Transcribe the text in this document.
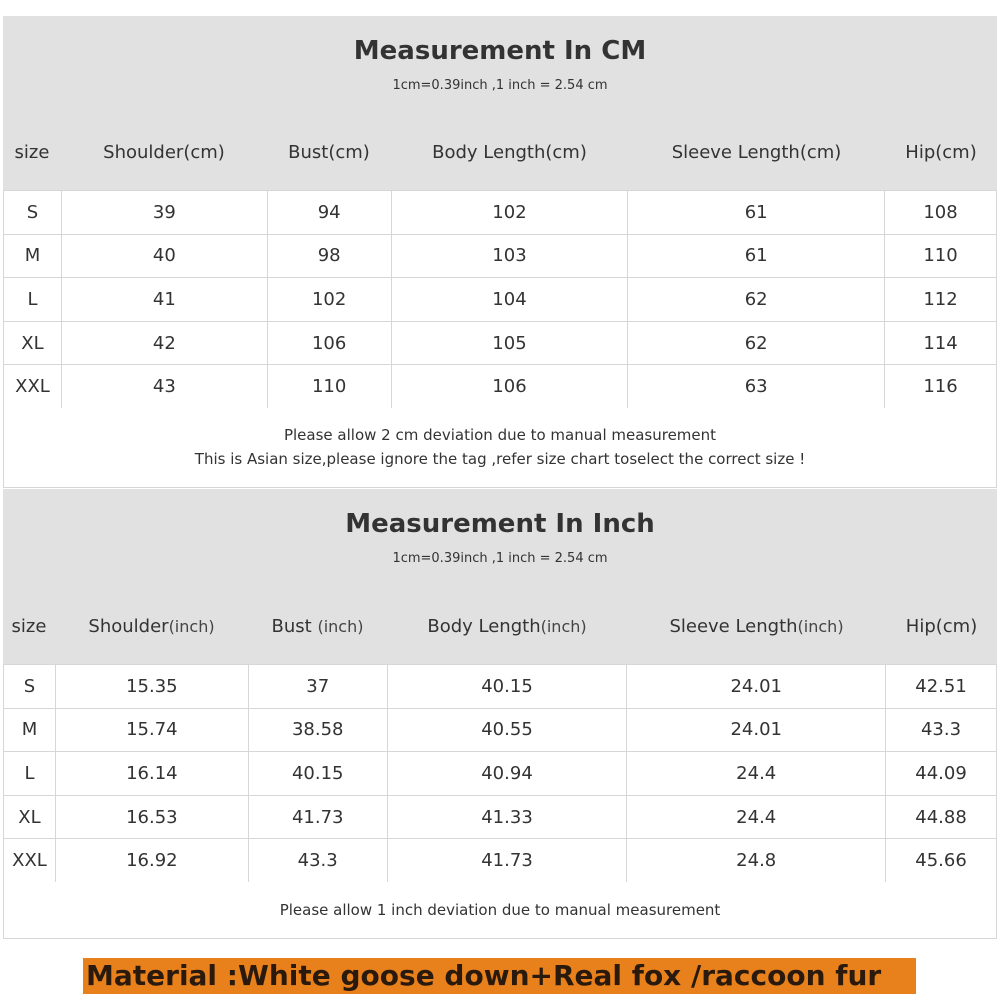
Measurement In CM
1cm=0.39inch ,1 inch = 2.54 cm
size	Shoulder(cm)	Bust(cm)	Body Length(cm)	Sleeve Length(cm)	Hip(cm)
S	39	94	102	61	108
M	40	98	103	61	110
L	41	102	104	62	112
XL	42	106	105	62	114
XXL	43	110	106	63	116
Please allow 2 cm deviation due to manual measurement
This is Asian size,please ignore the tag ,refer size chart toselect the correct size !
Measurement In Inch
1cm=0.39inch ,1 inch = 2.54 cm
size	Shoulder(inch)	Bust (inch)	Body Length(inch)	Sleeve Length(inch)	Hip(cm)
S	15.35	37	40.15	24.01	42.51
M	15.74	38.58	40.55	24.01	43.3
L	16.14	40.15	40.94	24.4	44.09
XL	16.53	41.73	41.33	24.4	44.88
XXL	16.92	43.3	41.73	24.8	45.66
Please allow 1 inch deviation due to manual measurement
Material :White goose down+Real fox /raccoon fur
